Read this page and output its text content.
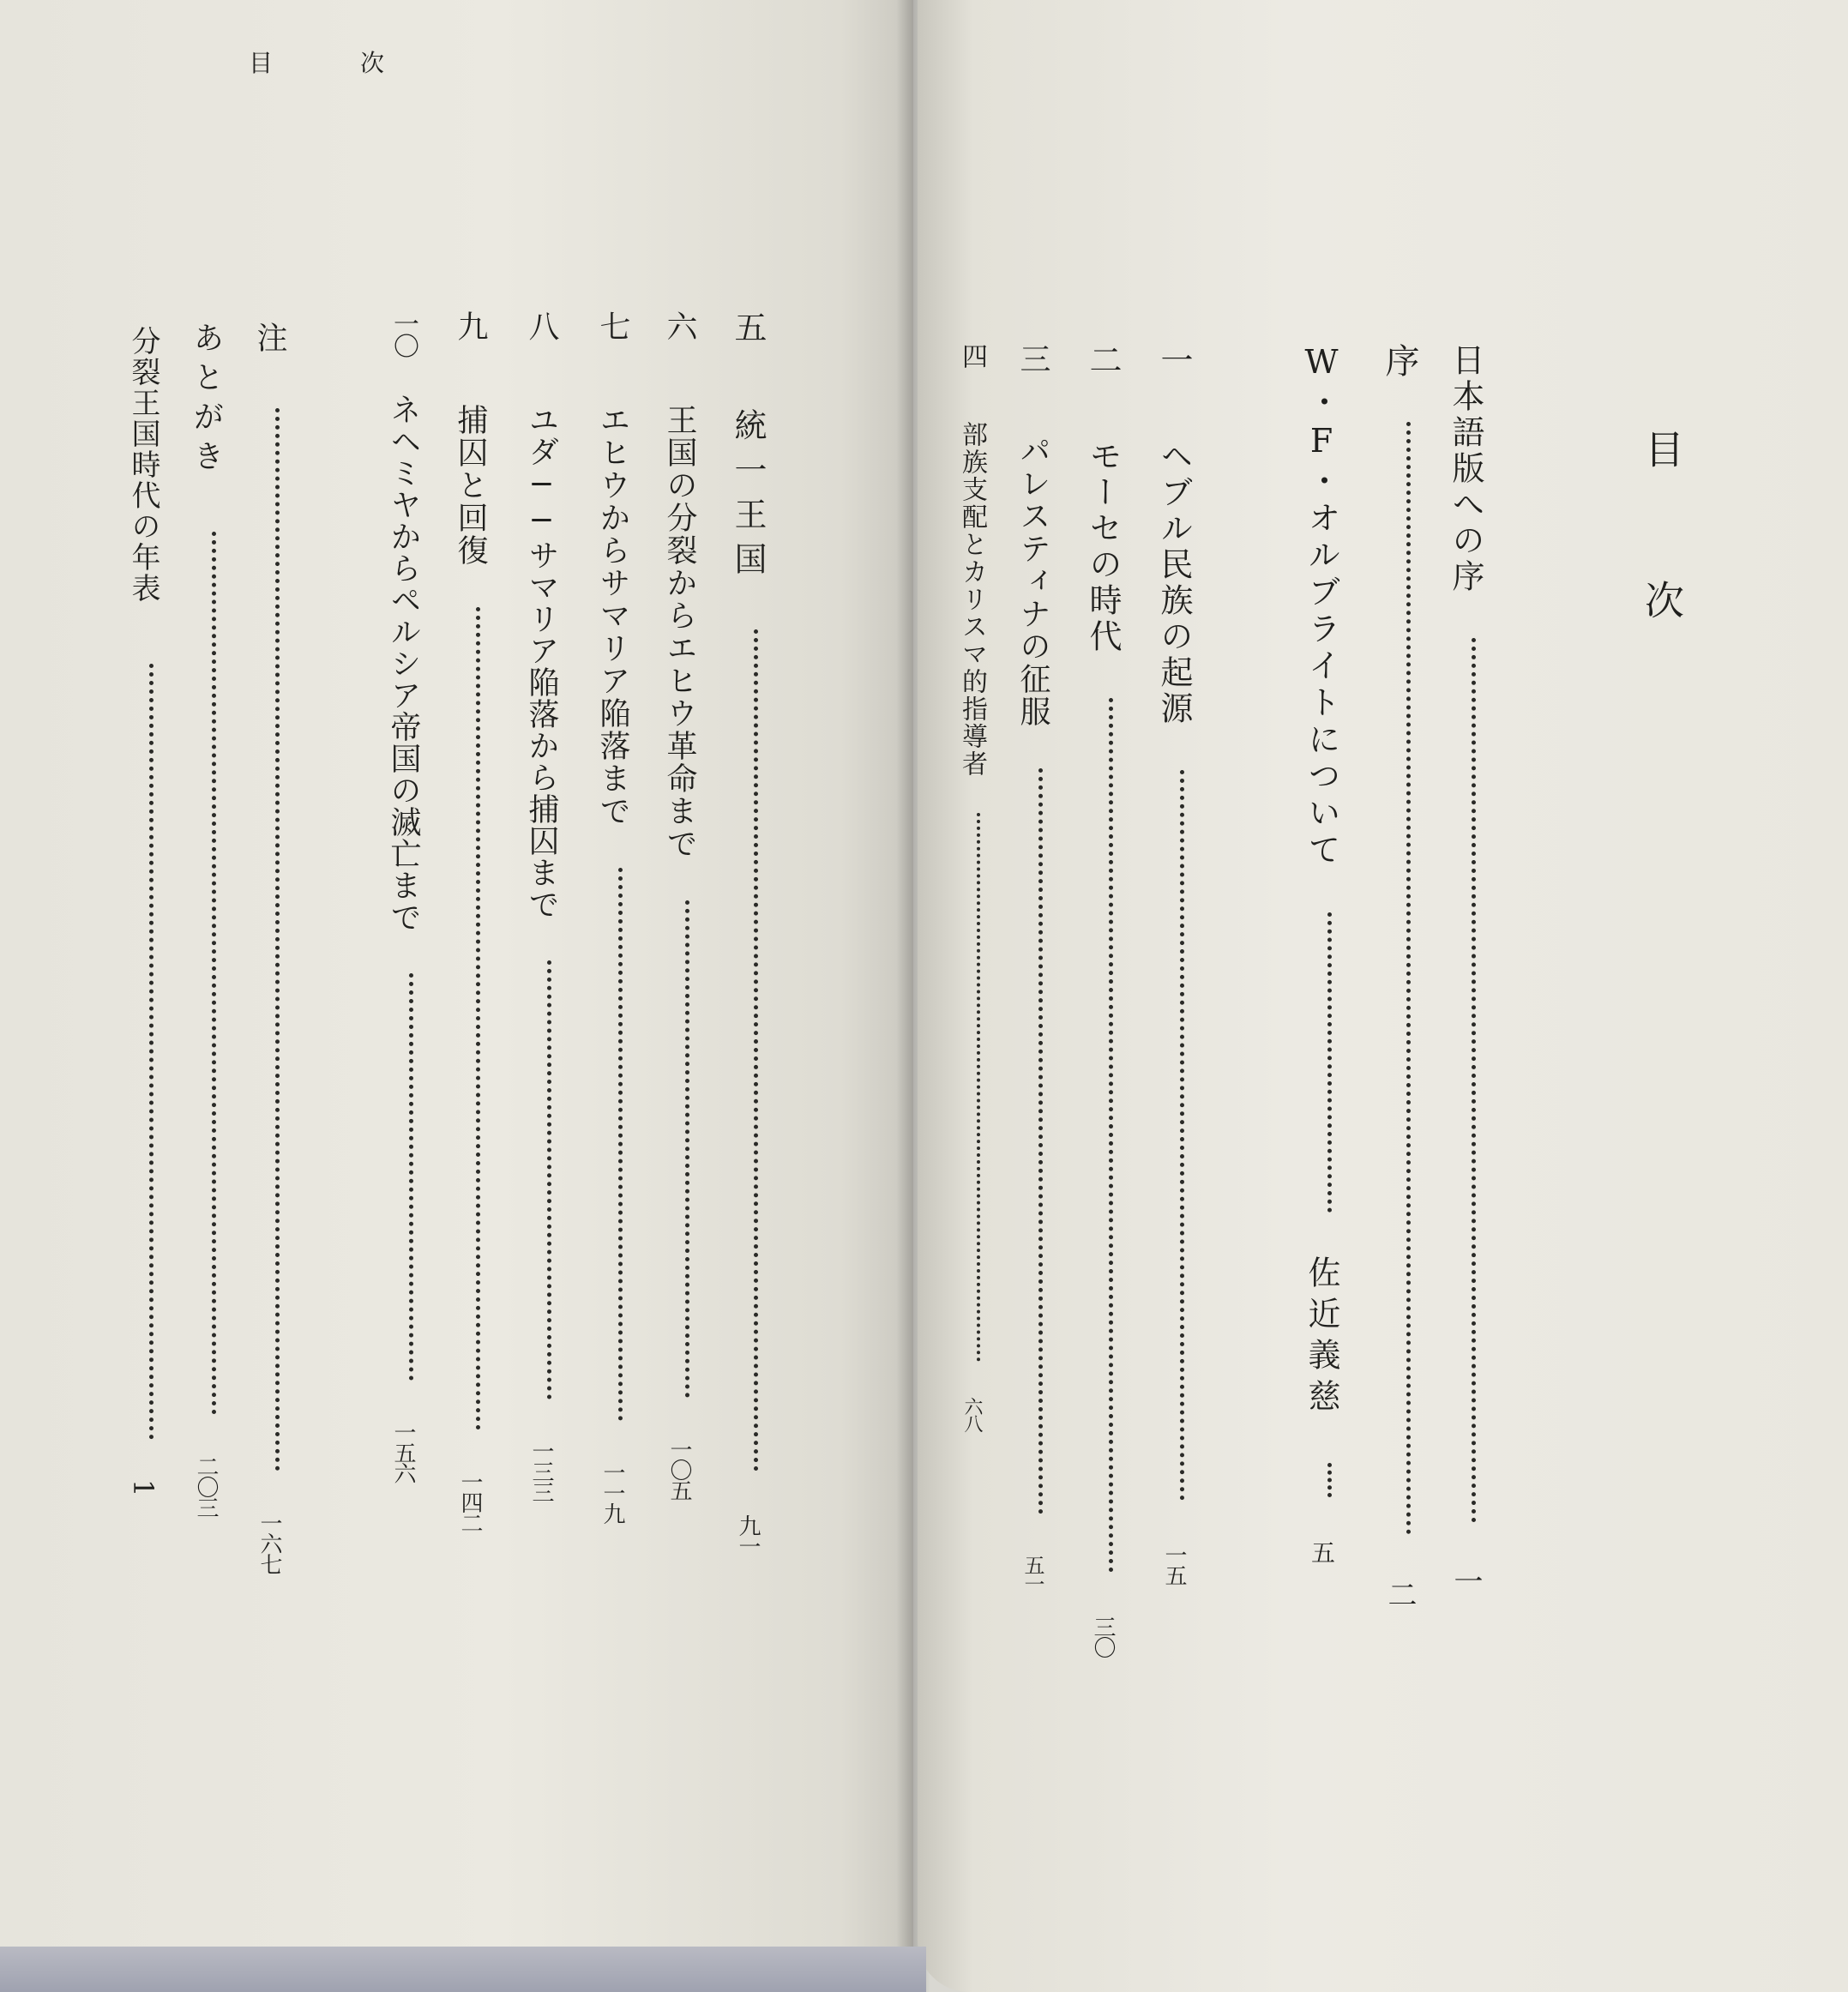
目	次
五 統一王国  九一
六 王国の分裂からエヒウ革命まで  一〇五
七 エヒウからサマリア陥落まで  一一九
八 ユダ──サマリア陥落から捕囚まで  一三三
九 捕囚と回復  一四二
一〇 ネヘミヤからペルシア帝国の滅亡まで  一五六
注  一六七
あとがき  二〇三
分裂王国時代の年表  1
目次
日本語版への序  一
序  二
W・F・オルブライトについて  佐近義慈  五
一 ヘブル民族の起源  一五
二 モーセの時代  三〇
三 パレスティナの征服  五一
四 部族支配とカリスマ的指導者  六八
